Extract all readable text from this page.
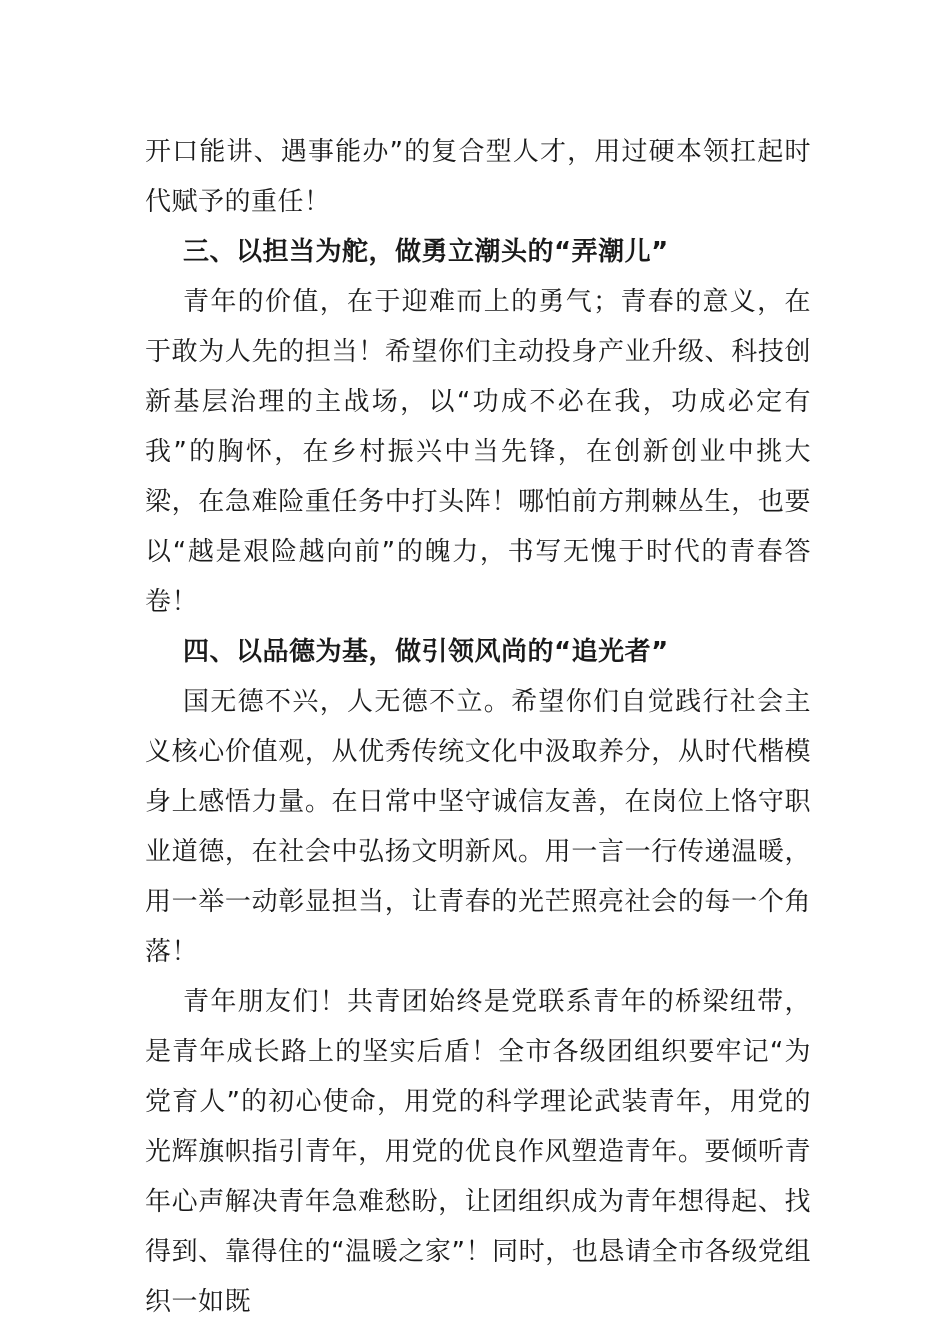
开口能讲、遇事能办”的复合型人才，用过硬本领扛起时代赋予的重任！

三、以担当为舵，做勇立潮头的“弄潮儿”

青年的价值，在于迎难而上的勇气；青春的意义，在于敢为人先的担当！希望你们主动投身产业升级、科技创新基层治理的主战场，以“功成不必在我，功成必定有我”的胸怀，在乡村振兴中当先锋，在创新创业中挑大梁，在急难险重任务中打头阵！哪怕前方荆棘丛生，也要以“越是艰险越向前”的魄力，书写无愧于时代的青春答卷！

四、以品德为基，做引领风尚的“追光者”

国无德不兴，人无德不立。希望你们自觉践行社会主义核心价值观，从优秀传统文化中汲取养分，从时代楷模身上感悟力量。在日常中坚守诚信友善，在岗位上恪守职业道德，在社会中弘扬文明新风。用一言一行传递温暖，用一举一动彰显担当，让青春的光芒照亮社会的每一个角落！

青年朋友们！共青团始终是党联系青年的桥梁纽带，是青年成长路上的坚实后盾！全市各级团组织要牢记“为党育人”的初心使命，用党的科学理论武装青年，用党的光辉旗帜指引青年，用党的优良作风塑造青年。要倾听青年心声解决青年急难愁盼，让团组织成为青年想得起、找得到、靠得住的“温暖之家”！同时，也恳请全市各级党组织一如既
